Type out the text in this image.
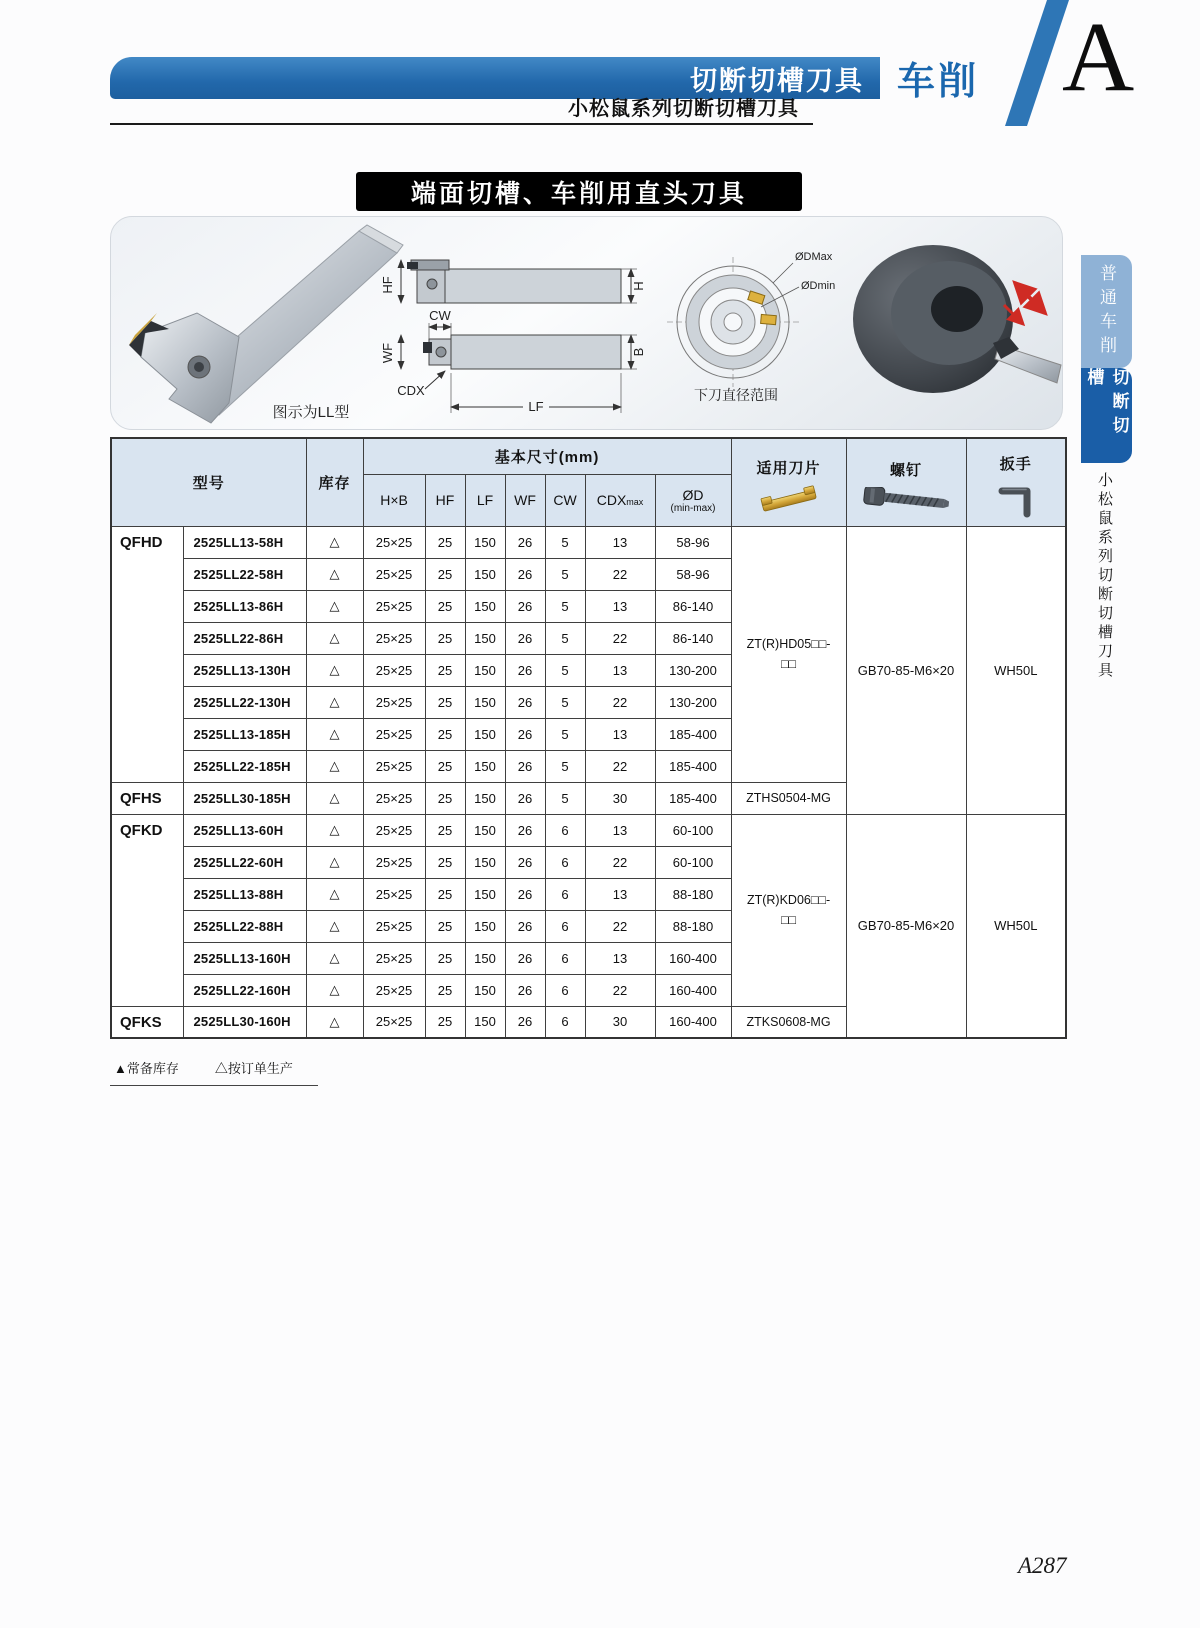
切断切槽刀具 车削 A
小松鼠系列切断切槽刀具
端面切槽、车削用直头刀具
图示为LL型
HF	H
CW
WF	B
CDX
LF
ØDMax
ØDmin
下刀直径范围
普通车削
切断切槽
小松鼠系列切断切槽刀具
型号		库存	基本尺寸(mm)							适用刀片	螺钉	扳手

			H×B	HF	LF	WF	CW	CDXmax	ØD
(min-max)			

QFHD	2525LL13-58H	△	25×25	25	150	26	5	13	58-96	ZT(R)HD05□□-□□	GB70-85-M6×20	WH50L
	2525LL22-58H	△	25×25	25	150	26	5	22	58-96			
	2525LL13-86H	△	25×25	25	150	26	5	13	86-140			
	2525LL22-86H	△	25×25	25	150	26	5	22	86-140			
	2525LL13-130H	△	25×25	25	150	26	5	13	130-200			
	2525LL22-130H	△	25×25	25	150	26	5	22	130-200			
	2525LL13-185H	△	25×25	25	150	26	5	13	185-400			
	2525LL22-185H	△	25×25	25	150	26	5	22	185-400			
QFHS	2525LL30-185H	△	25×25	25	150	26	5	30	185-400	ZTHS0504-MG		
QFKD	2525LL13-60H	△	25×25	25	150	26	6	13	60-100	ZT(R)KD06□□-□□	GB70-85-M6×20	WH50L
	2525LL22-60H	△	25×25	25	150	26	6	22	60-100			
	2525LL13-88H	△	25×25	25	150	26	6	13	88-180			
	2525LL22-88H	△	25×25	25	150	26	6	22	88-180			
	2525LL13-160H	△	25×25	25	150	26	6	13	160-400			
	2525LL22-160H	△	25×25	25	150	26	6	22	160-400			
QFKS	2525LL30-160H	△	25×25	25	150	26	6	30	160-400	ZTKS0608-MG		
▲常备库存	△按订单生产
A287
